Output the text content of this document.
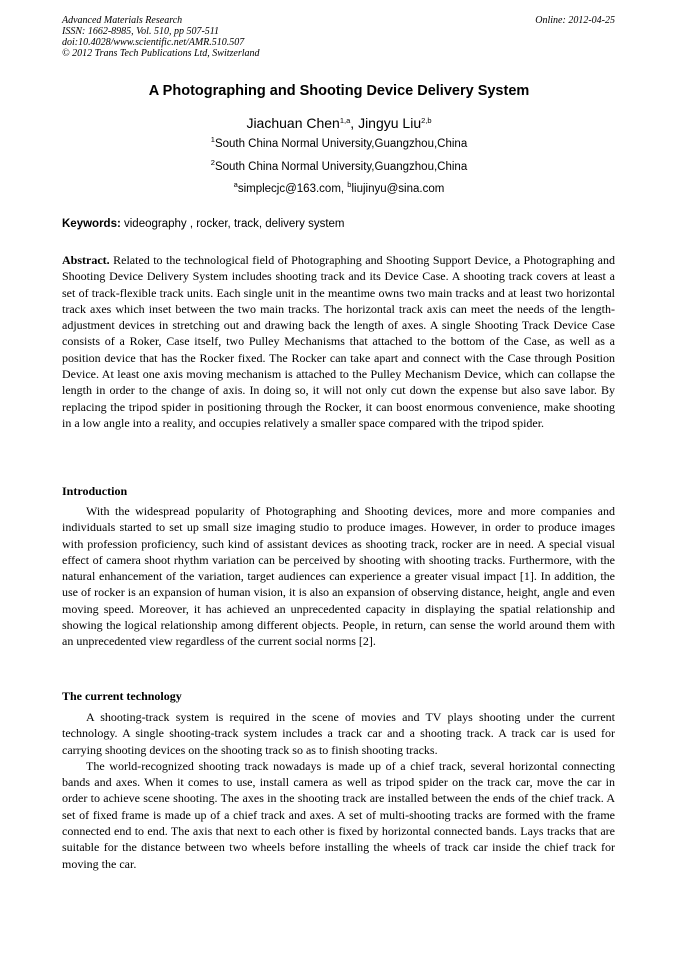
Advanced Materials Research
ISSN: 1662-8985, Vol. 510, pp 507-511
doi:10.4028/www.scientific.net/AMR.510.507
© 2012 Trans Tech Publications Ltd, Switzerland
Online: 2012-04-25
A Photographing and Shooting Device Delivery System
Jiachuan Chen$^{1,a}$, Jingyu Liu$^{2,b}$
$^1$South China Normal University,Guangzhou,China
$^2$South China Normal University,Guangzhou,China
$^a$simplecjc@163.com, $^b$liujinyu@sina.com
Keywords: videography , rocker, track, delivery system

Abstract. Related to the technological field of Photographing and Shooting Support Device, a Photographing and Shooting Device Delivery System includes shooting track and its Device Case. A shooting track covers at least a set of track-flexible track units. Each single unit in the meantime owns two main tracks and at least two horizontal track axes which inset between the two main tracks. The horizontal track axis can meet the needs of the length-adjustment devices in stretching out and drawing back the length of axes. A single Shooting Track Device Case consists of a Roker, Case itself, two Pulley Mechanisms that attached to the bottom of the Case, as well as a position device that has the Rocker fixed. The Rocker can take apart and connect with the Case through Position Device. At least one axis moving mechanism is attached to the Pulley Mechanism Device, which can collapse the length in order to the change of axis. In doing so, it will not only cut down the expense but also save labor. By replacing the tripod spider in positioning through the Rocker, it can boost enormous convenience, make shooting in a low angle into a reality, and occupies relatively a smaller space compared with the tripod spider.

Introduction

With the widespread popularity of Photographing and Shooting devices, more and more companies and individuals started to set up small size imaging studio to produce images. However, in order to produce images with profession proficiency, such kind of assistant devices as shooting track, rocker are in need. A special visual effect of camera shoot rhythm variation can be perceived by shooting with shooting tracks. Furthermore, with the natural enhancement of the variation, target audiences can experience a greater visual impact [1]. In addition, the use of rocker is an expansion of human vision, it is also an expansion of observing distance, height, angle and even moving speed. Moreover, it has achieved an unprecedented capacity in displaying the spatial relationship and showing the logical relationship among different objects. People, in return, can sense the world around them with an unprecedented view regardless of the current social norms [2].

The current technology

A shooting-track system is required in the scene of movies and TV plays shooting under the current technology. A single shooting-track system includes a track car and a shooting track. A track car is used for carrying shooting devices on the shooting track so as to finish shooting tracks.

The world-recognized shooting track nowadays is made up of a chief track, several horizontal connecting bands and axes. When it comes to use, install camera as well as tripod spider on the track car, move the car in order to achieve scene shooting. The axes in the shooting track are installed between the ends of the chief track. A set of fixed frame is made up of a chief track and axes. A set of multi-shooting tracks are formed with the frame connected end to end. The axis that next to each other is fixed by horizontal connected bands. Lays tracks that are suitable for the distance between two wheels before installing the wheels of track car inside the chief track for moving the car.
